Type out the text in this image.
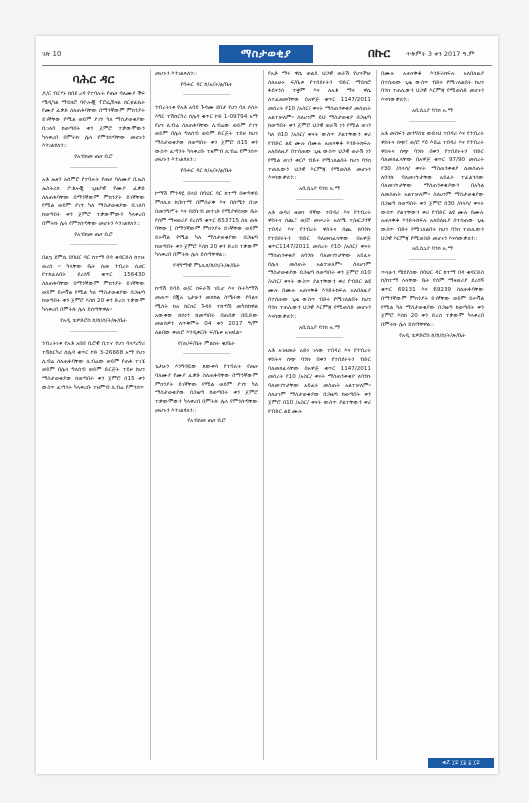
ገጽ 10	ማስታወቂያ	በኩር ጥቅምት 3 ቀን 2017 ዓ.ም
ባሕር ዳር

ዶ/ር ብርሃኑ ከበደ ረዳ የተባሉት የጤና ባለሙያ ችፍ ሜዲካል ማይክሮ ባዮሎጂ ፕሮፌሽናል ሰርቲፊኬት የሙያ ፈቃድ ስለጠፋባቸው በማንኛውም ምክንያት ይገኛቸው የሚል ወይም ያገኘ ካለ ማስታወቂያው ቢገለባ ከወጣበት ቀን ጀምሮ ተቃውሞውን ካላቀረበ በምትኩ ሌላ የምንሰጣቸው መሆኑን እንገልፃለን::

የአብክመ ጤና ቢሮ
-------------------------------

አቶ ኤዞን አሰምሮ የተባሉት የጤና ባለሙያ ቢኤስ ኤስትሪክ ፖቶሎጂ ጊዜያዊ የሙያ ፈቃድ ስለጠፋባቸው በማንኛውም ምክንያት ይገኛቸው የሚል ወይም ያገኘ ካለ ማስታወቂያው ቢገለባ ከወጣበት ቀን ጀምሮ ተቃውሞውን ካላቀረበ በምትኩ ሌላ የምንሰጣቸው መሆኑን እንገልፃለን::

የአብክመ ጤና ቢሮ
-------------------------------

በልኳ ደምሴ በባህር ዳር ከተማ በዳ ቂዳርድስ ከተዙ ወረሰ ፡፡ ካላቸው ቤት ስመ ንብረት ሲፀር የተከፈለበት ደረሰኝ ቁጥር 156430 ስለጠፋባቸው በማንኛውም ምክንያት ይገኛቸው ወይም ይሠቫል የሚል ካለ ማስታወቂያው በጋዜጣ ከወጣበት ቀን ጀምሮ እስከ 20 ቀን ድረስ ተቃውሞ ካላቀረበ በምትኩ ሌላ ይሰጣቸዋል።

የአዲ ቴዎድሮስ ከ/ከ/ሰ/ት/ጽ/ቤት
-------------------------------

ንብረትነቱ የአቶ አበበ ቢሮዊ ቢተኖ የሆነ ባላሃረግሪ ተሽከርካሪ ሰሌዳ ቁጥር ኮድ 3-26668 አማ የሆነ ሊብሬ ስለጠፋባቸው ሊብሬው ወይም የጠፋ ተገኜ ወይም በሌላ ግለሰብ ወይም ድርጅት ተይዞ ከሆነ ማስታወቂያው ከወጣበት ቀን ጀምሮ በ15 ቀን ውስጥ ፈጣንት ካላቀረቡ ተዘምብ ሊብሬ የምንሰጥ

መሆኑን እንገልጻለን::

የባሕር ዳር ከ/አ/ት/ፅ/ቤት
-------------------------------

ንብረትነቱ የአቶ አባይ ጉዳሙ ደበታ የሆነ ባለ ሶስት እግር ተሽከርካሪ ሰሌዳ ቁጥር ኮድ 1-09794 አማ የሆነ ሊብሬ ስለጠፋባቸው ሊብሬው ወይም ያገኘ ወይም በሌላ ግለሰብ ወይም ድርጅት ተይዞ ከሆነ ማስታወቂያው ከወጣበት ቀን ጀምሮ በ15 ቀን ውስጥ ፈጣንት ካላቀረቡ ተዘምብ ሊብሬ የምንሰጥ መሆኑን እንገልፃለን::

የባሕር ዳር ከ/አ/ት/ፅ/ቤት
-------------------------------

ኮማሽ ምንዳዬ በላይ በባህር ዳር ከተማ በቀጣዋይ ምክሊክ ከ/ከተማ በምስራቅ እና በሰሜን በገጾ በመንግሥት እና በደቡብ መንገድ የሚያዋስነው ቤት የሰም ማዛወሪያ ደረሰኝ ቁጥር 653715 ስለ ጠፋ ባቸው [ በማንኛውም ምክንያት ይገኛቸው ወይም ይሠቫል የሚል ካለ ማስታወቂያው በጋዜጣ ከወጣበት ቀን ጀምሮ እስከ 20 ቀን ድረስ ተቃውሞ ካላቀረበ በምትኩ ሌላ ይሰጣቸዋል::

የዳግማዊ ምኒሊክ/ከ/ሰ/ት/ጽ/ቤት
-------------------------------

ከጣሽ ይባይ ወ/ር ስፍራሽ ገቢሆ እና ቡትካማሽ መጠጥ ደጂአ ጊታሁን መክከል ስሜሩው የባልና ሚስት ከአ ከርክር ጉዳይ ተከጣሽ መካሰከዋል አውቀው ከሰነን ከመጣበት በጠበቃ በቢድው መልሰዎን ለጥቅምት 04 ቀን 2017 ዓ/ም ለልበው ቀጠሮ እንዲቀርቡ ፍ/ቤቱ አዝዟል፡፡

የ/ጠ/ፍ/ቤት ምልክት ቁ/ቤት
-------------------------------

ጌታሁን እንግዳዬው ጸውቀሳ የተባሉት የጤና ባለሙያ የሙያ ፈቃድ ስለጠፋባቸው በማንኛውም ምክንያት ይገኛቸው የሚል ወይም ያገኘ ካለ ማስታወቂያው በጋዜጣ ከወጣበት ቀን ጀምሮ ተቃውሞውን ካላቀረበ በምትኩ ሌላ የምንሰጣቸው መሆኑን እንገልፃለን::

የአብክመ ጤና ቢሮ

የአቶ ማሩ ዋሴ ወልዴ ህጋዊ ወራሽ የሆናችሁ ስለአሁኑ ፍ/ቤቱ የተበደሩትን ብድር ማይክሮ ፋይናንስ ተቋም እና ለአቶ ማሩ ዋሴ ለተፈፀመባቸው በአዋጅ ቁጥር 1147/2011 መሰረት የ10 /አስር/ ቀናት ማስጠንቀቂያ መስጠት አልተቻለም፡፡ ስለሆነም ይህ ማስታወቂያ በጋዜጣ ከወጣበት ቀን ጀምሮ ህጋዊ ወራሽ ነን የሚል ወገን ካለ በ10 /አስር/ ቀናት ውስጥ ያልተቸውን ቀሪ የብድር ልዩ ሙሉ በሙሉ አጠናቅቆ እንድትከፍሉ አለበለዚያ በተሰጠው ጊዜ ውስጥ ህጋዊ ወራሽ ነን የሚል ወገን ቀርቦ ብድሩ የሚገለልበት ከሆነ ባንክ ተጠሊውን ህጋዊ እርምጃ የሚወስድ መሆኑን እናሳውቃለን::

አቢሲኒያ ባንክ አ.ማ
-------------------------------

አቶ ወዳሪ ዘመነ ዳኛው ተበዳሪ እና የንብረት ዋስትና ሰጪ፣ ወ/ሮ መሠረት አለሜ ተ/ዘርጋንኛ ተበዳሪ እና የንብረት ዋስትና ሰጪ ከባንኩ የተበደሩትን ብድር ባለመክፈላቸው በአዋጅ ቁጥር1147/2011 መሰረት የ10 /አስር/ ቀናት ማስጠንቀቂያ ለባንኩ ባለመገኘታቸው አይፈሩ በሌላ መስጠት አልተቻለም፡፡ ስለሆነም ማስታወቂያው በጋዜጣ ከወጣበት ቀን ጀምሮ በ10 /አስር/ ቀናት ውስጥ ያልተቸውን ቀሪ የብድር ልዩ ሙሉ በሙሉ አጠናቅቆ እንድትከፍሉ አለበለዚያ በተሰጠው ጊዜ ውስጥ ብድሩ የሚገለልበት ከሆነ ባንክ ተጠሊውን ህጋዊ እርምጃ የሚወስድ መሆኑን እናሳውቃለን::

አቢሲኒያ ባንክ አ.ማ
-------------------------------

አቶ አገዘመራ አድነ ገላው ተበዳሪ እና የንብረት ዋስትና ሰጭ ባንኩ በቀን የተበደሩትን ብድር ባለመክፈላቸው በአዋጅ ቁጥር 1147/2011 መሰረት የ10 /አስር/ ቀናት ማስጠንቀቂያ ለባንኩ ባለመገኘታቸው አይፈሩ መስጠት አልተቻለም፡፡ ስለሆነም ማስታወቂያው በጋዜጣ ከወጣበት ቀን ጀምሮ በ10 /አስር/ ቀናት ውስጥ ያልተቸውን ቀሪ የብድር ልዩ ሙሉ

በሙሉ አጠናቅቆ እንድትከፍሉ አለበለዚያ በተሰጠው ጊዜ ውስጥ ብድሩ የሚገለልበት ከሆነ ባንክ ተጠሊውን ህጋዊ እርምጃ የሚወስድ መሆኑን እናሳውቃለን::

አቢሲኒያ ባንክ አ.ማ
-------------------------------

አቶ መስፍን መንግስቴ ውድነህ ተበዳሪ እና የንብረት ዋስትና ሰጭ፣ ወ/ሮ ሃይ እሸሬ ተበዳሪ እና የንብረት ዋስትና ሰጭ ባንኩ በቀን የተበደሩትን ብድር ባለመክፈላቸው በአዋጅ ቁጥር 97/90 መሰረት የ30 /ሰላሳ/ ቀናት ማስጠንቀቂያ ለመስጠት ለባንኩ ባለመገኘታቸው አይፈሩ ተፈልጎሳው ባለመገኘታቸው ማስጠንቀቂያውን በአካል ለመስጠት አልተቻለም፡፡ ስለሆነም ማስታወቂያው በጋዜጣ ከወጣበት ቀን ጀምሮ በ30 /ሰላሳ/ ቀናት ውስጥ ያልተቸውን ቀሪ የብድር ልዩ ሙሉ በሙሉ አጠናቅቆ እንድትከፍሉ አለበለዚያ በተሰጠው ጊዜ ውስጥ ብድሩ የሚገለልበት ከሆነ ባንክ ተጠሊውን ህጋዊ እርምጃ የሚወስድ መሆኑን እናሳውቃለን::

አቢሲኒያ ባንክ አ.ማ
-------------------------------

ጥላሁን ሜሂየስው በባህር ዳር ከተማ በዳ ቂዳርድስ ከ/ከተማ ላላቸው ቤት የሰም ማዛወሪያ ደረሰኝ ቁጥር 69131 እና 69239 ስለጠፋባቸው በማንኛውም ምክንያት ይገኛቸው ወይም ይሠቫል የሚል ካለ ማስታወቂያው በጋዜጣ ከወጣበት ቀን ጀምሮ እስከ 20 ቀን ድረስ ተቃውሞ ካላቀረበ በምትኩ ሌላ ይሰጣቸዋል::

የአዲ ቴዎድሮስ ከ/ከ/ሰ/ት/ጽ/ቤት
ቁሯ ፲፰ ፲፯ ፯ ፲፰
